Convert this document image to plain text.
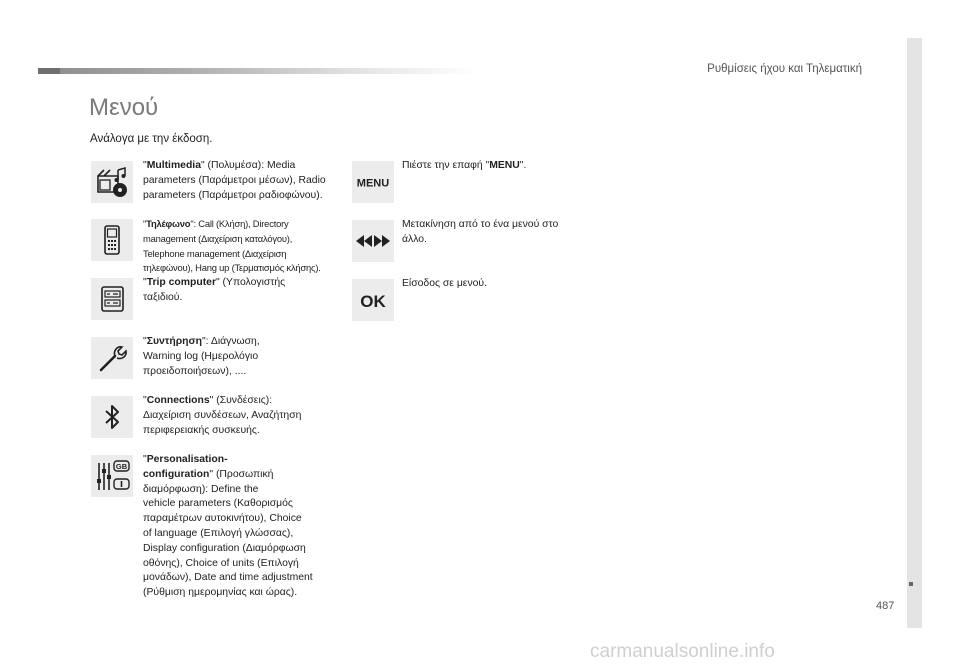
Ρυθμίσεις ήχου και Τηλεματική
487
Μενού
Ανάλογα με την έκδοση.
"Multimedia" (Πολυμέσα): Media
parameters (Παράμετροι μέσων), Radio
parameters (Παράμετροι ραδιοφώνου).
"Τηλέφωνο": Call (Κλήση), Directory
management (Διαχείριση καταλόγου),
Telephone management (Διαχείριση
τηλεφώνου), Hang up (Τερματισμός κλήσης).
"Trip computer" (Υπολογιστής
ταξιδιού.
"Συντήρηση": Διάγνωση,
Warning log (Ημερολόγιο
προειδοποιήσεων), ....
"Connections" (Συνδέσεις):
Διαχείριση συνδέσεων, Αναζήτηση
περιφερειακής συσκευής.
GB
"Personalisation-
configuration" (Προσωπική
διαμόρφωση): Define the
vehicle parameters (Καθορισμός
παραμέτρων αυτοκινήτου), Choice
of language (Επιλογή γλώσσας),
Display configuration (Διαμόρφωση
οθόνης), Choice of units (Επιλογή
μονάδων), Date and time adjustment
(Ρύθμιση ημερομηνίας και ώρας).
MENU
Πιέστε την επαφή "MENU".
Μετακίνηση από το ένα μενού στο
άλλο.
OK
Είσοδος σε μενού.
carmanualsonline.info
